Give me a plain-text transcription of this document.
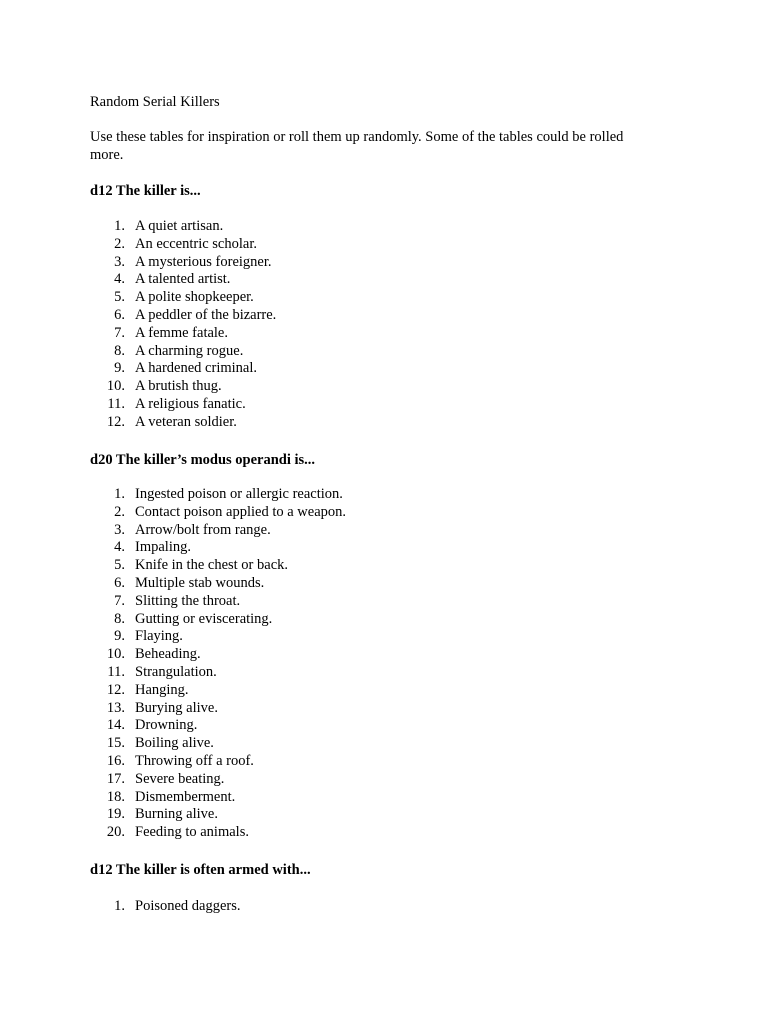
Random Serial Killers

Use these tables for inspiration or roll them up randomly. Some of the tables could be rolled more.

d12 The killer is...
1. A quiet artisan.
2. An eccentric scholar.
3. A mysterious foreigner.
4. A talented artist.
5. A polite shopkeeper.
6. A peddler of the bizarre.
7. A femme fatale.
8. A charming rogue.
9. A hardened criminal.
10. A brutish thug.
11. A religious fanatic.
12. A veteran soldier.
d20 The killer’s modus operandi is...
1. Ingested poison or allergic reaction.
2. Contact poison applied to a weapon.
3. Arrow/bolt from range.
4. Impaling.
5. Knife in the chest or back.
6. Multiple stab wounds.
7. Slitting the throat.
8. Gutting or eviscerating.
9. Flaying.
10. Beheading.
11. Strangulation.
12. Hanging.
13. Burying alive.
14. Drowning.
15. Boiling alive.
16. Throwing off a roof.
17. Severe beating.
18. Dismemberment.
19. Burning alive.
20. Feeding to animals.
d12 The killer is often armed with...
1. Poisoned daggers.
